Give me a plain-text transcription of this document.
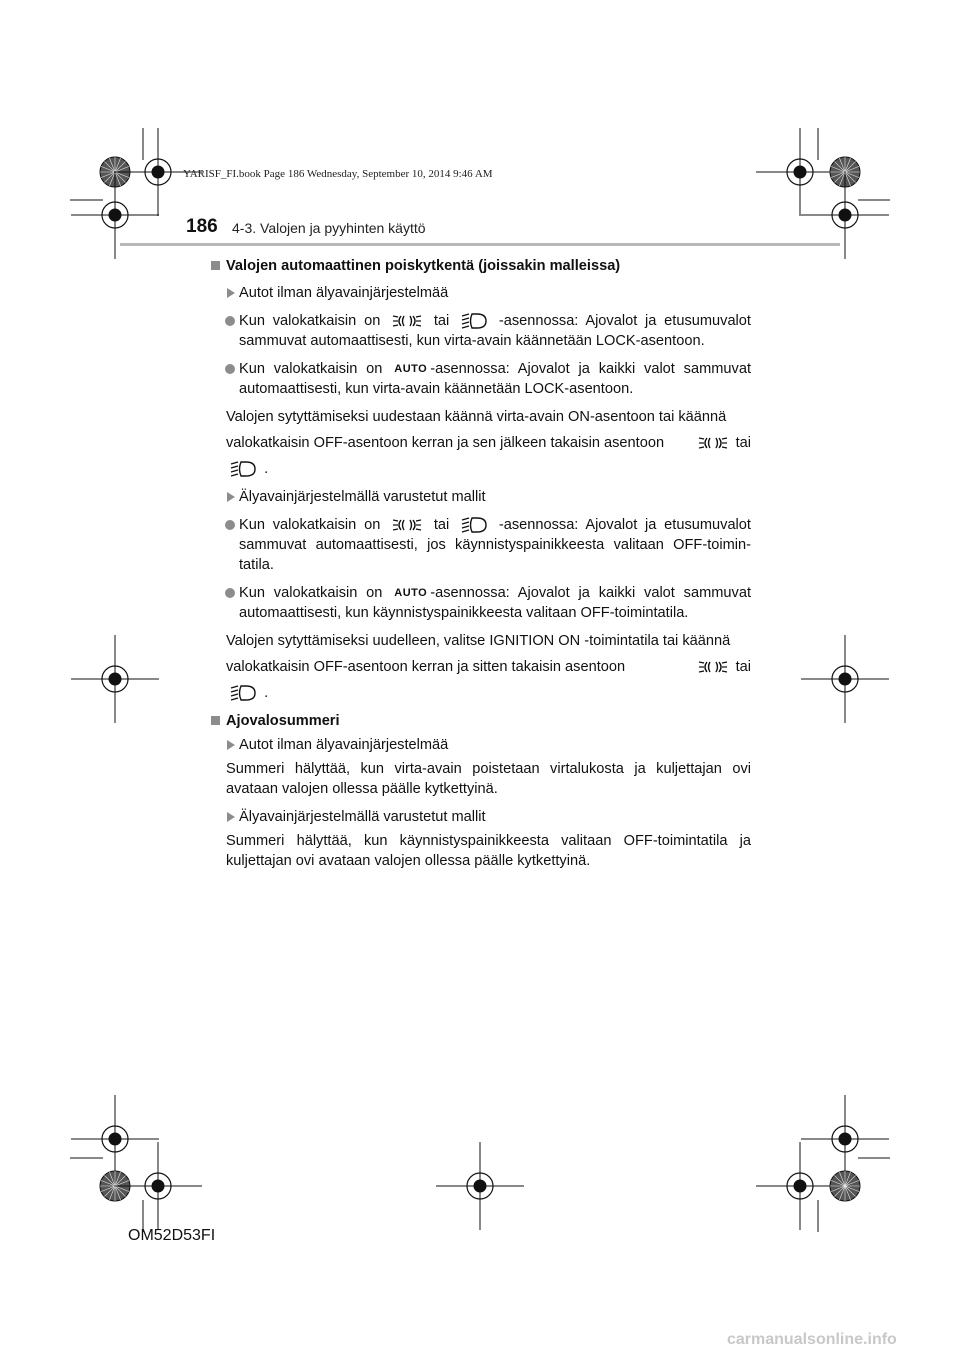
YARISF_FI.book Page 186 Wednesday, September 10, 2014 9:46 AM
186 4-3. Valojen ja pyyhinten käyttö
Valojen automaattinen poiskytkentä (joissakin malleissa)
Autot ilman älyavainjärjestelmää
Kun valokatkaisin on	tai	-asennossa: Ajovalot ja etusumuvalot sammuvat automaattisesti, kun virta-avain käännetään LOCK-asentoon.
Kun valokatkaisin on AUTO -asennossa: Ajovalot ja kaikki valot sammuvat automaattisesti, kun virta-avain käännetään LOCK-asentoon.
Valojen sytyttämiseksi uudestaan käännä virta-avain ON-asentoon tai käännä
valokatkaisin OFF-asentoon kerran ja sen jälkeen takaisin asentoon	tai
.
Älyavainjärjestelmällä varustetut mallit
Kun valokatkaisin on	tai	-asennossa: Ajovalot ja etusumuvalot sammuvat automaattisesti, jos käynnistyspainikkeesta valitaan OFF-toimin-tatila.
Kun valokatkaisin on AUTO -asennossa: Ajovalot ja kaikki valot sammuvat automaattisesti, kun käynnistyspainikkeesta valitaan OFF-toimintatila.
Valojen sytyttämiseksi uudelleen, valitse IGNITION ON -toimintatila tai käännä
valokatkaisin OFF-asentoon kerran ja sitten takaisin asentoon	tai
.
Ajovalosummeri
Autot ilman älyavainjärjestelmää
Summeri hälyttää, kun virta-avain poistetaan virtalukosta ja kuljettajan ovi avataan valojen ollessa päälle kytkettyinä.
Älyavainjärjestelmällä varustetut mallit
Summeri hälyttää, kun käynnistyspainikkeesta valitaan OFF-toimintatila ja kuljettajan ovi avataan valojen ollessa päälle kytkettyinä.
OM52D53FI
carmanualsonline.info
